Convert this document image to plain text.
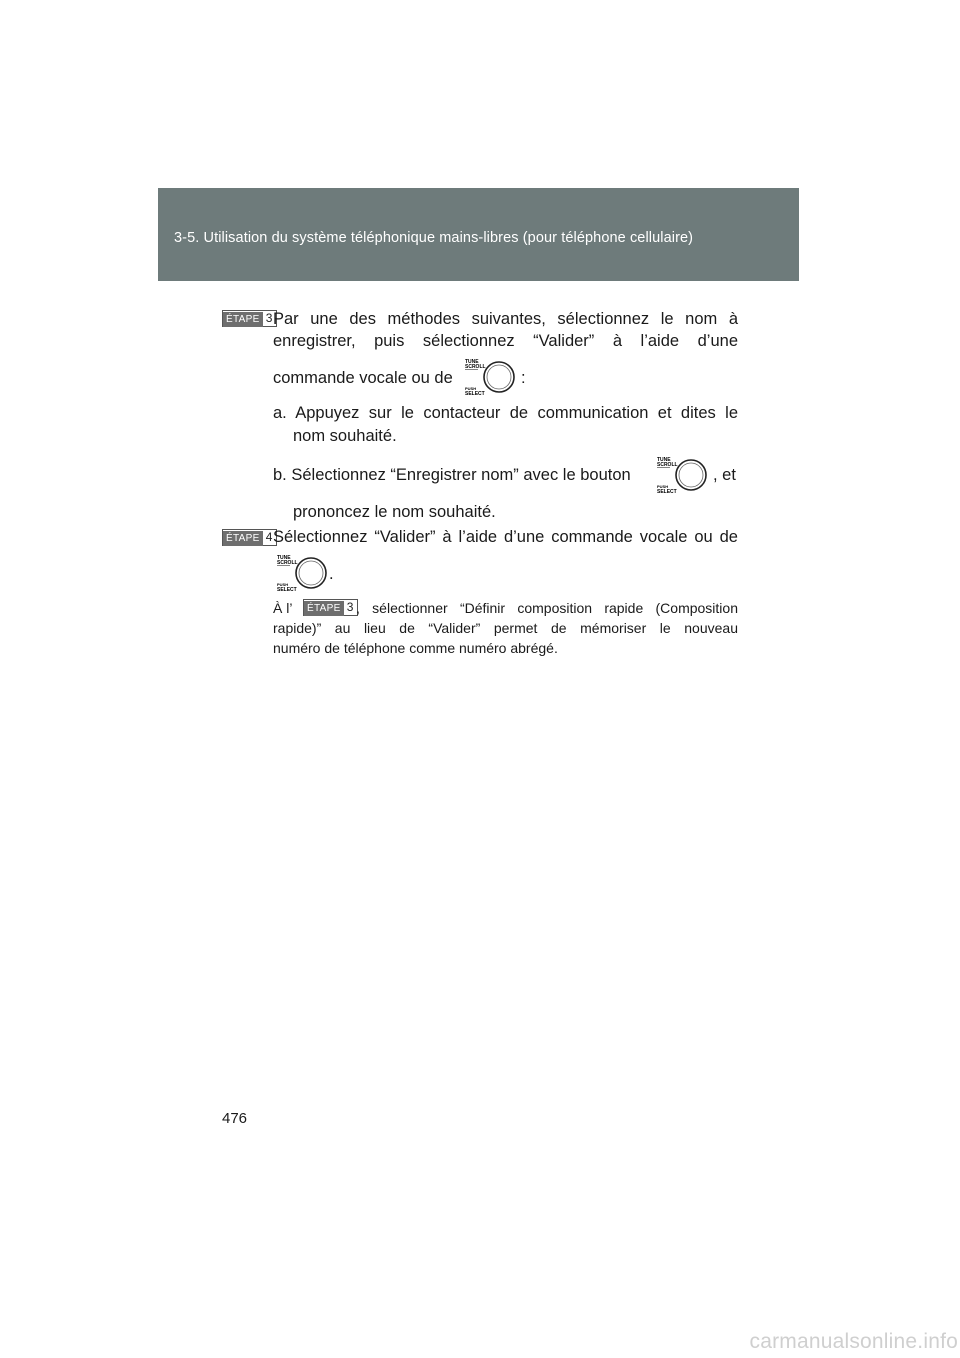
3-5. Utilisation du système téléphonique mains-libres (pour téléphone cellulaire)
ÉTAPE 3 Par une des méthodes suivantes, sélectionnez le nom à
enregistrer, puis sélectionnez “Valider” à l’aide d’une
commande vocale ou de
TUNE
SCROLL
PUSH
SELECT
:
a. Appuyez sur le contacteur de communication et dites le
nom souhaité.
b. Sélectionnez “Enregistrer nom” avec le bouton
TUNE
SCROLL
PUSH
SELECT
, et
prononcez le nom souhaité.
ÉTAPE 4 Sélectionnez “Valider” à l’aide d’une commande vocale ou de
TUNE
SCROLL
PUSH
SELECT
.
À l’	ÉTAPE 3 , sélectionner “Définir composition rapide (Composition
rapide)” au lieu de “Valider” permet de mémoriser le nouveau
numéro de téléphone comme numéro abrégé.
476
carmanualsonline.info
